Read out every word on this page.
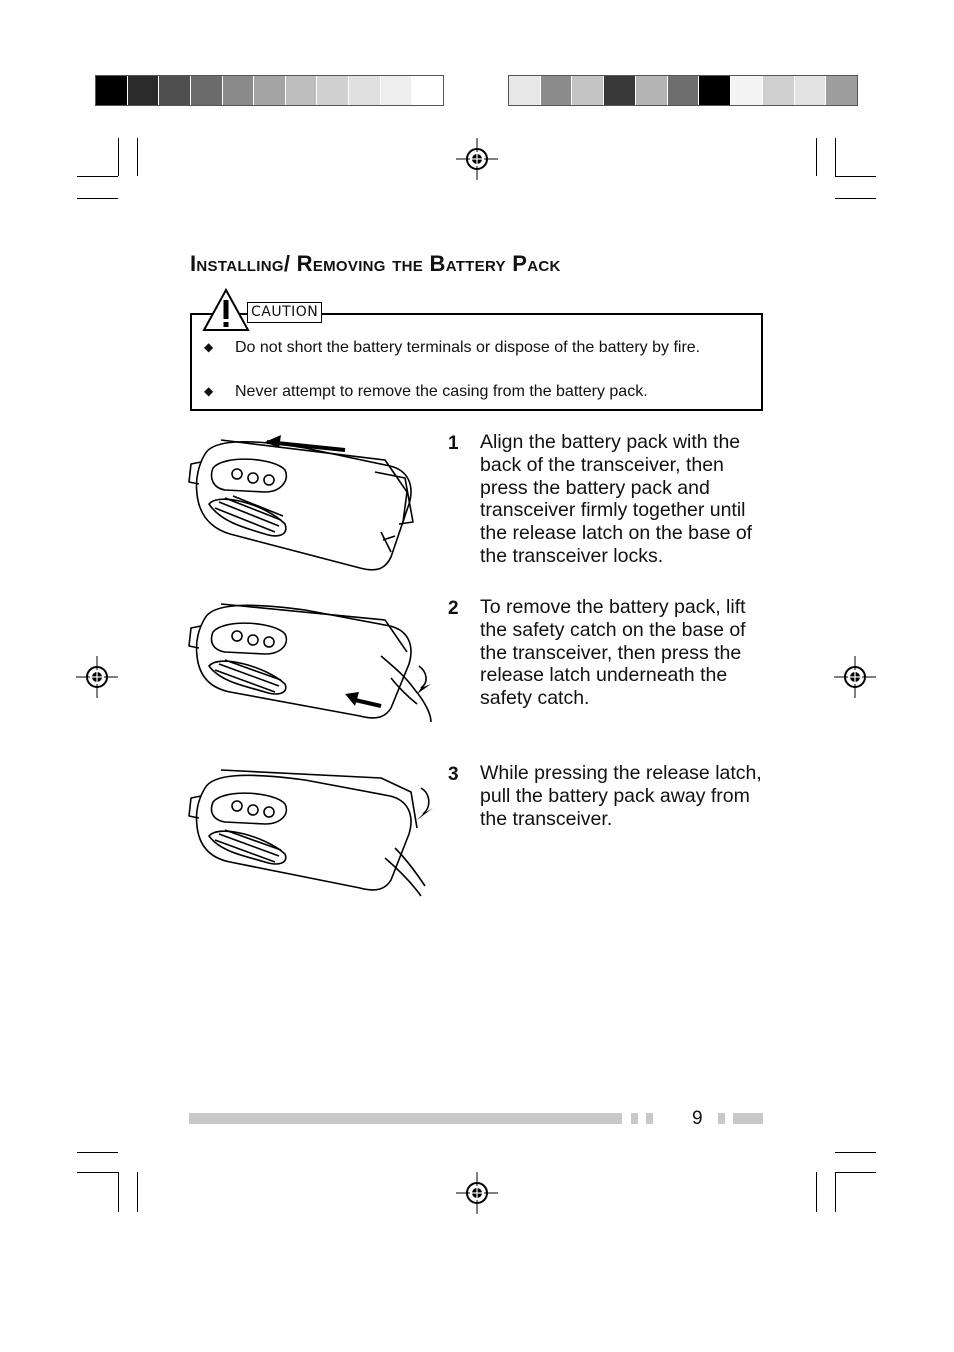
Installing/ Removing the Battery Pack
CAUTION
◆ Do not short the battery terminals or dispose of the battery by fire.
◆ Never attempt to remove the casing from the battery pack.
1 Align the battery pack with the back of the transceiver, then press the battery pack and transceiver firmly together until the release latch on the base of the transceiver locks.
2 To remove the battery pack, lift the safety catch on the base of the transceiver, then press the release latch underneath the safety catch.
3 While pressing the release latch, pull the battery pack away from the transceiver.
9
